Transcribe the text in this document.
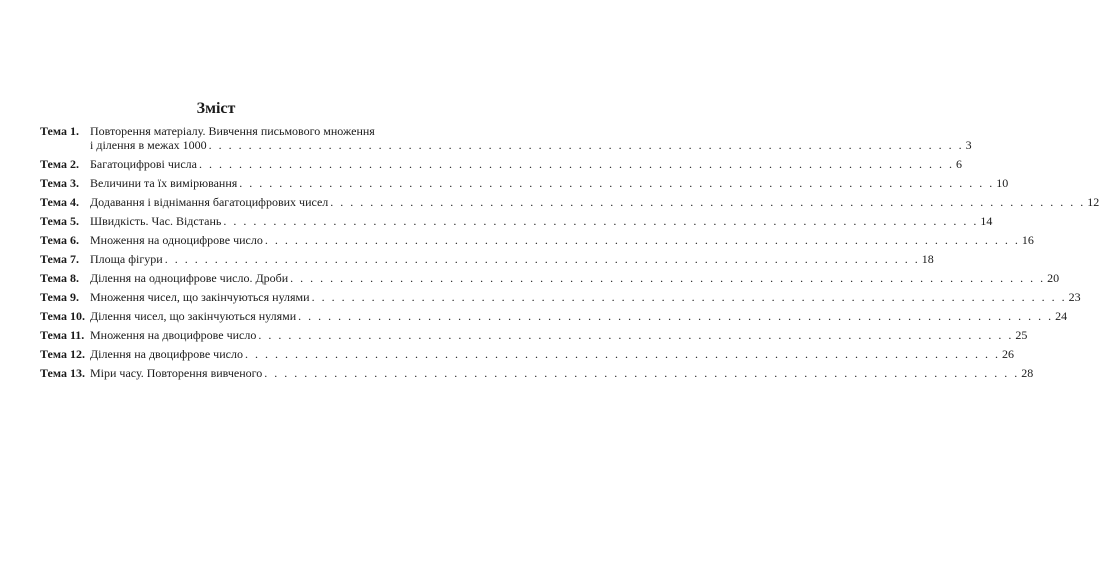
Зміст
Тема 1. Повторення матеріалу. Вивчення письмового множення
і ділення в межах 1000 . . . . . . . . . . . . . . . . . . . . . . . . . . . . . . . . . . . . . . . . . . . . . . . . . . . . . . . . . . . . . . . . . . . . . . . . . . . . 3
Тема 2. Багатоцифрові числа . . . . . . . . . . . . . . . . . . . . . . . . . . . . . . . . . . . . . . . . . . . . . . . . . . . . . . . . . . . . . . . . . . . . . . . . . . . . 6
Тема 3. Величини та їх вимірювання . . . . . . . . . . . . . . . . . . . . . . . . . . . . . . . . . . . . . . . . . . . . . . . . . . . . . . . . . . . . . . . . . . . . . . . . . . . . 10
Тема 4. Додавання і віднімання багатоцифрових чисел . . . . . . . . . . . . . . . . . . . . . . . . . . . . . . . . . . . . . . . . . . . . . . . . . . . . . . . . . . . . . . . . . . . . . . . . . . . . 12
Тема 5. Швидкість. Час. Відстань . . . . . . . . . . . . . . . . . . . . . . . . . . . . . . . . . . . . . . . . . . . . . . . . . . . . . . . . . . . . . . . . . . . . . . . . . . . . 14
Тема 6. Множення на одноцифрове число . . . . . . . . . . . . . . . . . . . . . . . . . . . . . . . . . . . . . . . . . . . . . . . . . . . . . . . . . . . . . . . . . . . . . . . . . . . . 16
Тема 7. Площа фігури . . . . . . . . . . . . . . . . . . . . . . . . . . . . . . . . . . . . . . . . . . . . . . . . . . . . . . . . . . . . . . . . . . . . . . . . . . . . 18
Тема 8. Ділення на одноцифрове число. Дроби . . . . . . . . . . . . . . . . . . . . . . . . . . . . . . . . . . . . . . . . . . . . . . . . . . . . . . . . . . . . . . . . . . . . . . . . . . . . 20
Тема 9. Множення чисел, що закінчуються нулями . . . . . . . . . . . . . . . . . . . . . . . . . . . . . . . . . . . . . . . . . . . . . . . . . . . . . . . . . . . . . . . . . . . . . . . . . . . . 23
Тема 10. Ділення чисел, що закінчуються нулями . . . . . . . . . . . . . . . . . . . . . . . . . . . . . . . . . . . . . . . . . . . . . . . . . . . . . . . . . . . . . . . . . . . . . . . . . . . . 24
Тема 11. Множення на двоцифрове число . . . . . . . . . . . . . . . . . . . . . . . . . . . . . . . . . . . . . . . . . . . . . . . . . . . . . . . . . . . . . . . . . . . . . . . . . . . . 25
Тема 12. Ділення на двоцифрове число . . . . . . . . . . . . . . . . . . . . . . . . . . . . . . . . . . . . . . . . . . . . . . . . . . . . . . . . . . . . . . . . . . . . . . . . . . . . 26
Тема 13. Міри часу. Повторення вивченого . . . . . . . . . . . . . . . . . . . . . . . . . . . . . . . . . . . . . . . . . . . . . . . . . . . . . . . . . . . . . . . . . . . . . . . . . . . . 28
